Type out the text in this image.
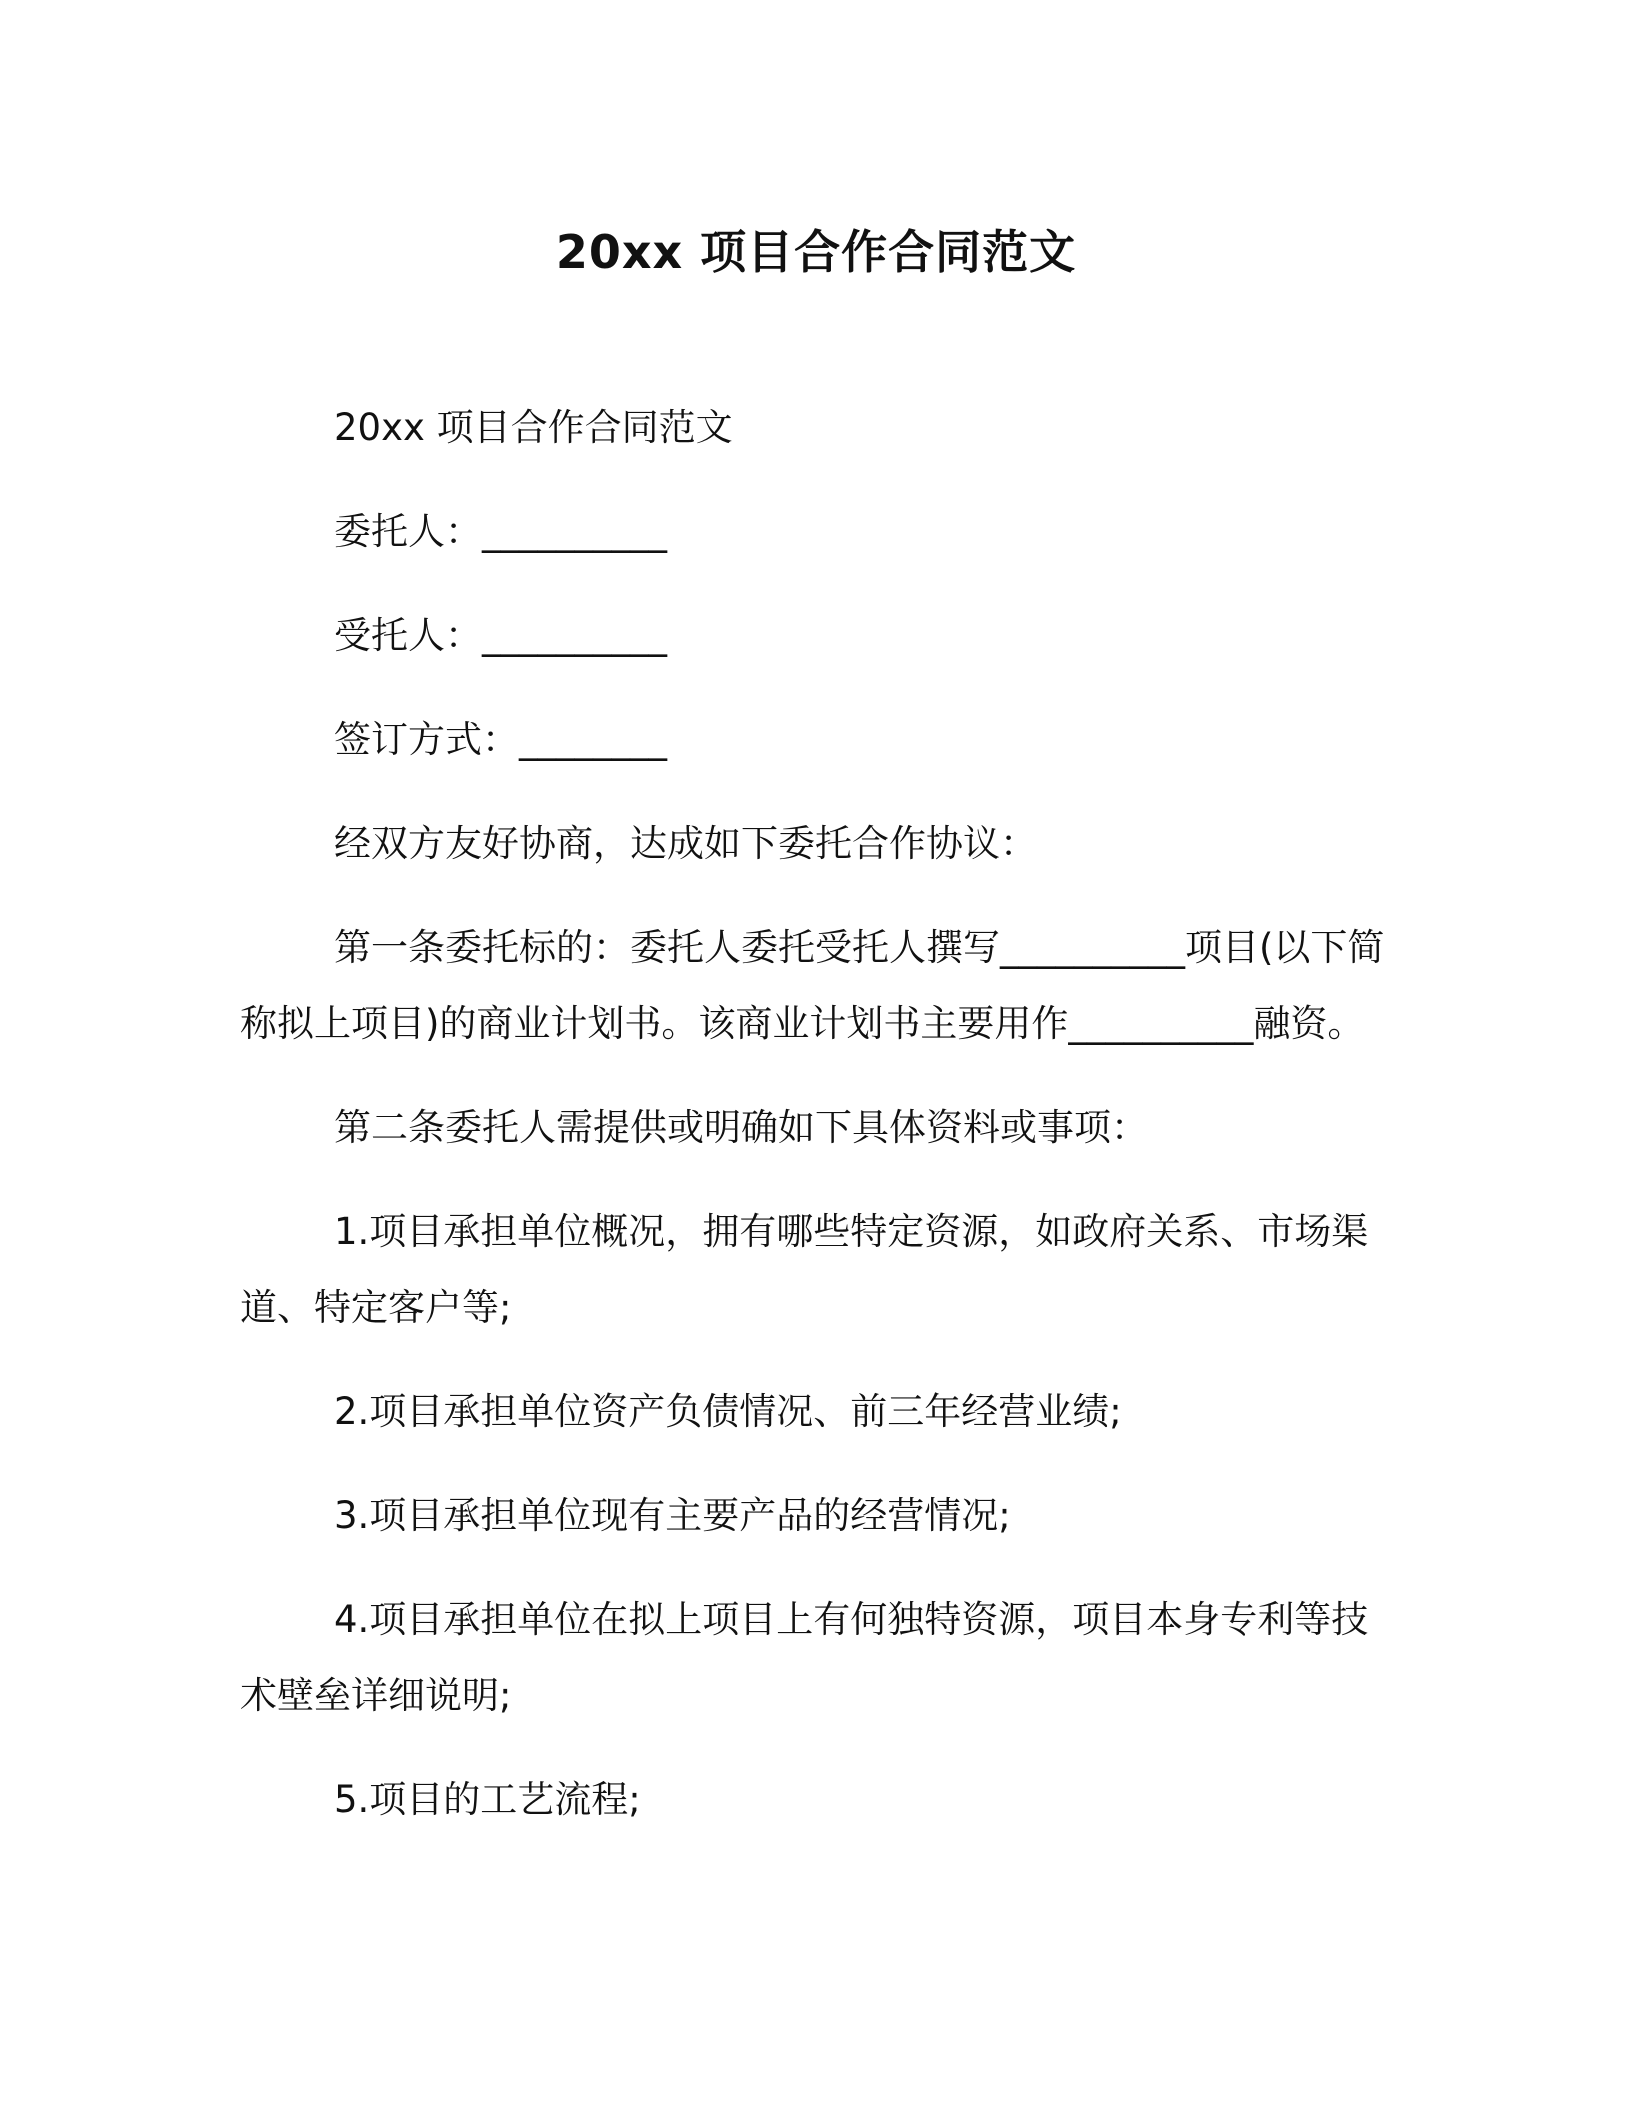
20xx 项目合作合同范文

20xx 项目合作合同范文

委托人：__________

受托人：__________

签订方式：________

经双方友好协商，达成如下委托合作协议：

第一条委托标的：委托人委托受托人撰写__________项目(以下简称拟上项目)的商业计划书。该商业计划书主要用作__________融资。

第二条委托人需提供或明确如下具体资料或事项：

1.项目承担单位概况，拥有哪些特定资源，如政府关系、市场渠道、特定客户等;

2.项目承担单位资产负债情况、前三年经营业绩;

3.项目承担单位现有主要产品的经营情况;

4.项目承担单位在拟上项目上有何独特资源，项目本身专利等技术壁垒详细说明;

5.项目的工艺流程;
